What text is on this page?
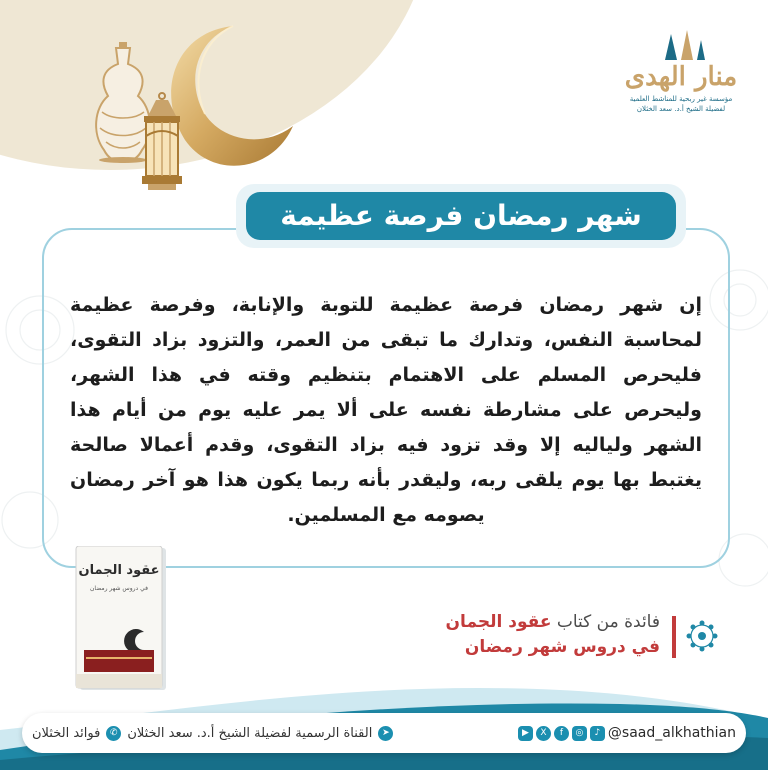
منار الهدى
مؤسسة غير ربحية للمناشط العلمية
لفضيلة الشيخ أ.د. سعد الخثلان
شهر رمضان فرصة عظيمة للتوبة
إن شهر رمضان فرصة عظيمة للتوبة والإنابة، وفرصة عظيمة لمحاسبة النفس، وتدارك ما تبقى من العمر، والتزود بزاد التقوى، فليحرص المسلم على الاهتمام بتنظيم وقته في هذا الشهر، وليحرص على مشارطة نفسه على ألا يمر عليه يوم من أيام هذا الشهر ولياليه إلا وقد تزود فيه بزاد التقوى، وقدم أعمالا صالحة يغتبط بها يوم يلقى ربه، وليقدر بأنه ربما يكون هذا هو آخر رمضان يصومه مع المسلمين.
عقود الجمان
في دروس شهر رمضان
فائدة من كتاب عقود الجمان
في دروس شهر رمضان
➤
القناة الرسمية لفضيلة الشيخ أ.د. سعد الخثلان
✆
فوائد الخثلان	▶	X	f	◎	♪ @saad_alkhathian
